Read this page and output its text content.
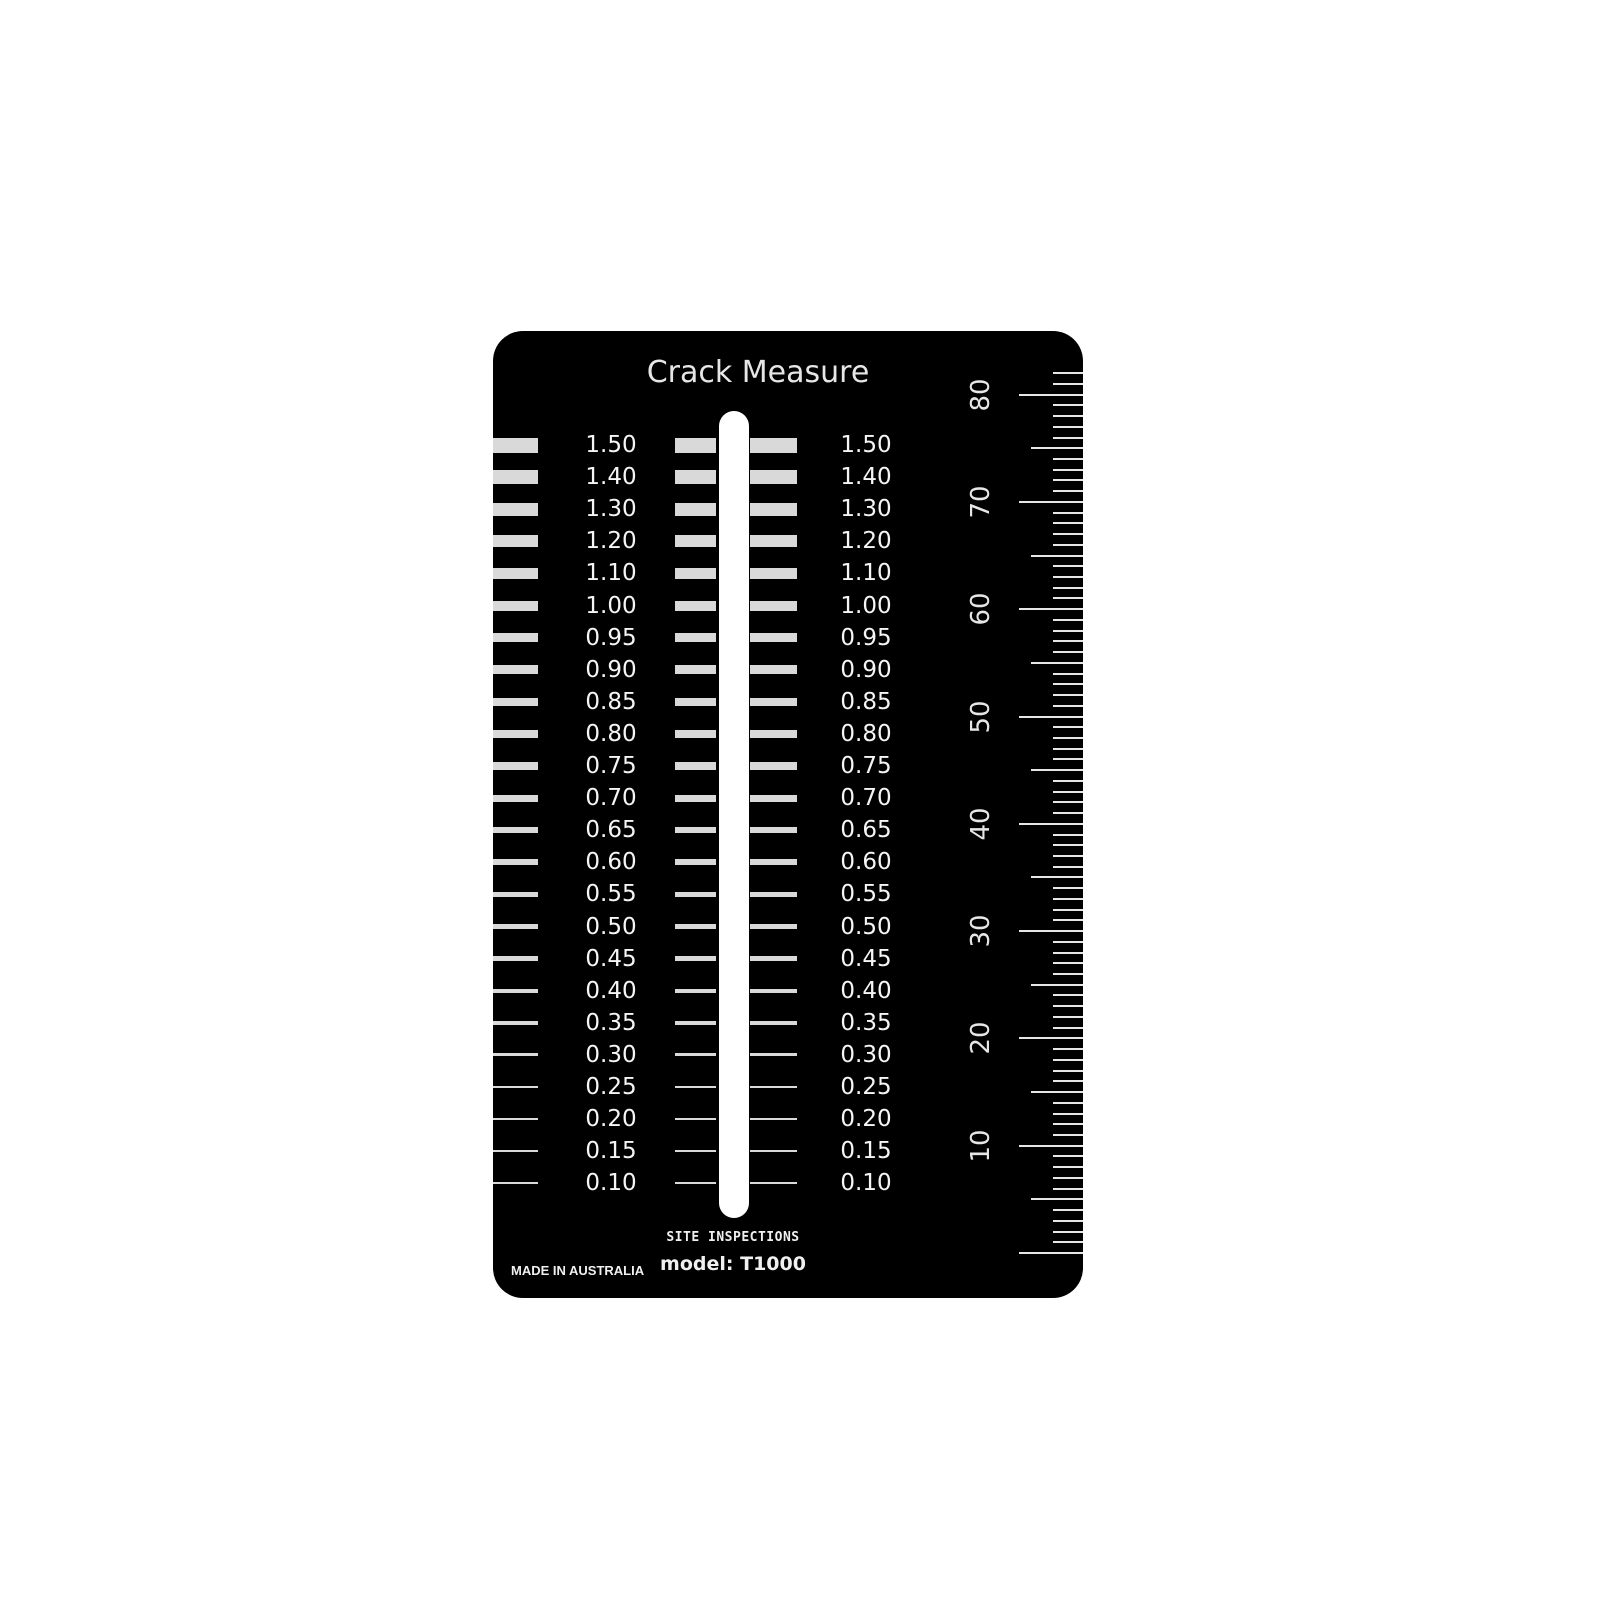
Crack Measure
SITE INSPECTIONS
model: T1000
MADE IN AUSTRALIA
1.50	1.50
1.40	1.40
1.30	1.30
1.20	1.20
1.10	1.10
1.00	1.00
0.95	0.95
0.90	0.90
0.85	0.85
0.80	0.80
0.75	0.75
0.70	0.70
0.65	0.65
0.60	0.60
0.55	0.55
0.50	0.50
0.45	0.45
0.40	0.40
0.35	0.35
0.30	0.30
0.25	0.25
0.20	0.20
0.15	0.15
0.10	0.10
80
70
60
50
40
30
20
10
